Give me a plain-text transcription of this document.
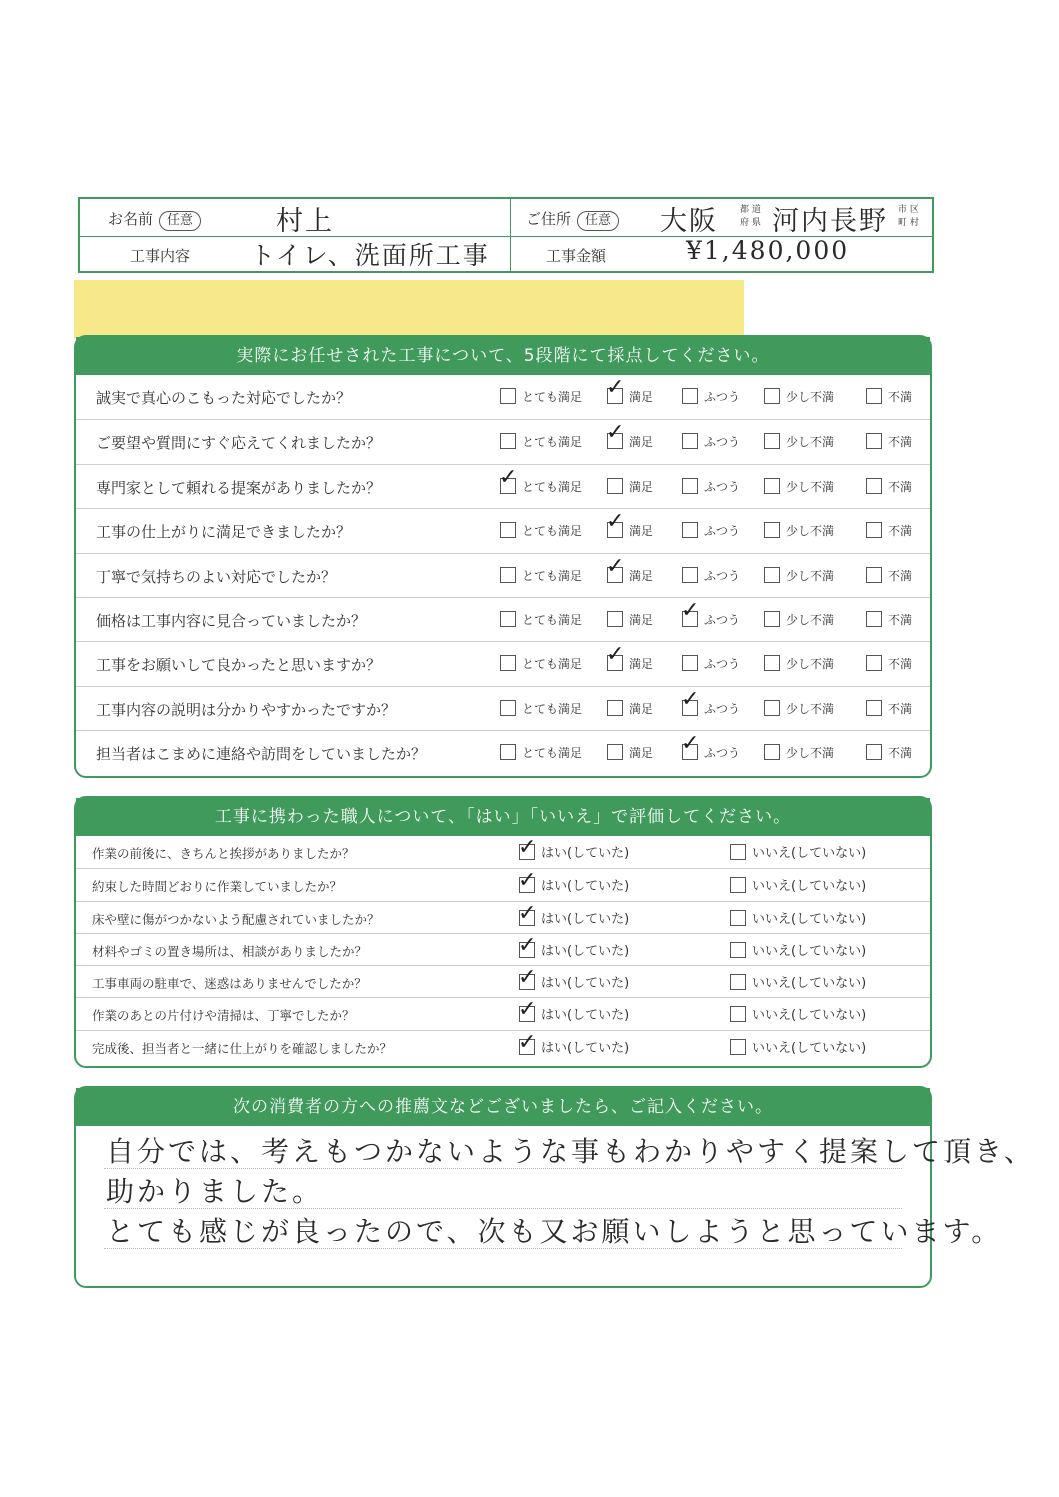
お名前 任意	村上	ご住所 任意 大阪 都 道
府 県 河内長野 市 区
町 村
工事内容 トイレ、洗面所工事	工事金額	¥1,480,000
実際にお任せされた工事について、5段階にて採点してください。
誠実で真心のこもった対応でしたか？	とても満足 ✓	満足	ふつう	少し不満	不満
ご要望や質問にすぐ応えてくれましたか？	とても満足 ✓	満足	ふつう	少し不満	不満
専門家として頼れる提案がありましたか？ ✓	とても満足	満足	ふつう	少し不満	不満
工事の仕上がりに満足できましたか？	とても満足 ✓	満足	ふつう	少し不満	不満
丁寧で気持ちのよい対応でしたか？	とても満足 ✓	満足	ふつう	少し不満	不満
価格は工事内容に見合っていましたか？	とても満足	満足 ✓	ふつう	少し不満	不満
工事をお願いして良かったと思いますか？	とても満足 ✓	満足	ふつう	少し不満	不満
工事内容の説明は分かりやすかったですか？	とても満足	満足 ✓	ふつう	少し不満	不満
担当者はこまめに連絡や訪問をしていましたか？	とても満足	満足 ✓	ふつう	少し不満	不満
工事に携わった職人について、「はい」「いいえ」で評価してください。
作業の前後に、きちんと挨拶がありましたか？ ✓	はい(していた)	いいえ(していない)
約束した時間どおりに作業していましたか？ ✓	はい(していた)	いいえ(していない)
床や壁に傷がつかないよう配慮されていましたか？ ✓	はい(していた)	いいえ(していない)
材料やゴミの置き場所は、相談がありましたか？ ✓	はい(していた)	いいえ(していない)
工事車両の駐車で、迷惑はありませんでしたか？ ✓	はい(していた)	いいえ(していない)
作業のあとの片付けや清掃は、丁寧でしたか？ ✓	はい(していた)	いいえ(していない)
完成後、担当者と一緒に仕上がりを確認しましたか？ ✓	はい(していた)	いいえ(していない)
次の消費者の方への推薦文などございましたら、ご記入ください。
自分では、考えもつかないような事もわかりやすく提案して頂き、
助かりました。
とても感じが良ったので、次も又お願いしようと思っています。
